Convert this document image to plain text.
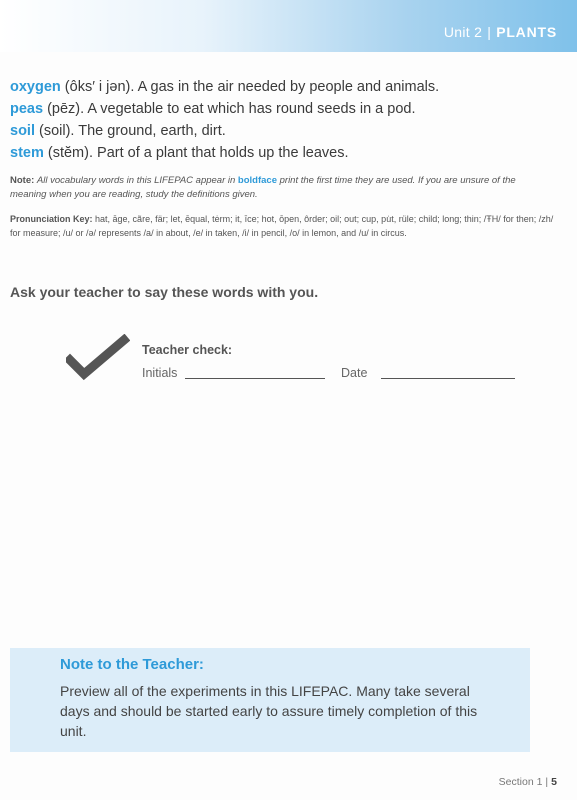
Unit 2 | PLANTS
oxygen (ôks′ i jən). A gas in the air needed by people and animals.
peas (pēz). A vegetable to eat which has round seeds in a pod.
soil (soil). The ground, earth, dirt.
stem (stĕm). Part of a plant that holds up the leaves.
Note: All vocabulary words in this LIFEPAC appear in boldface print the first time they are used. If you are unsure of the meaning when you are reading, study the definitions given.
Pronunciation Key: hat, āge, cãre, fär; let, ēqual, tėrm; it, īce; hot, ōpen, ôrder; oil; out; cup, pu̇t, rüle; child; long; thin; /ŦH/ for then; /zh/ for measure; /u/ or /ə/ represents /a/ in about, /e/ in taken, /i/ in pencil, /o/ in lemon, and /u/ in circus.
Ask your teacher to say these words with you.
Teacher check:
Initials	Date
Note to the Teacher:
Preview all of the experiments in this LIFEPAC. Many take several days and should be started early to assure timely completion of this unit.
Section 1 | 5
